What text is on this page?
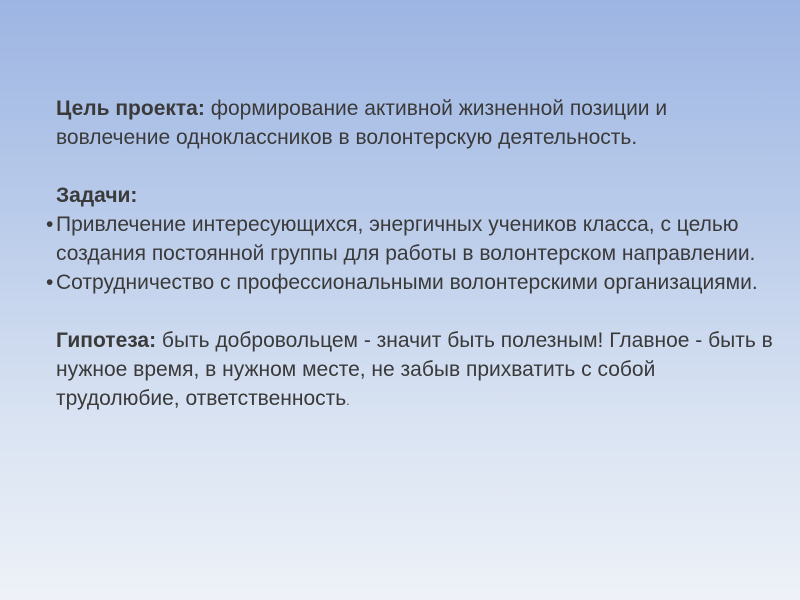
Цель проекта: формирование активной жизненной позиции и вовлечение одноклассников в волонтерскую деятельность.

Задачи:

• Привлечение интересующихся, энергичных учеников класса, с целью создания постоянной группы для работы в волонтерском направлении.
• Сотрудничество с профессиональными волонтерскими организациями.

Гипотеза: быть добровольцем - значит быть полезным! Главное - быть в нужное время, в нужном месте, не забыв прихватить с собой трудолюбие, ответственность.
